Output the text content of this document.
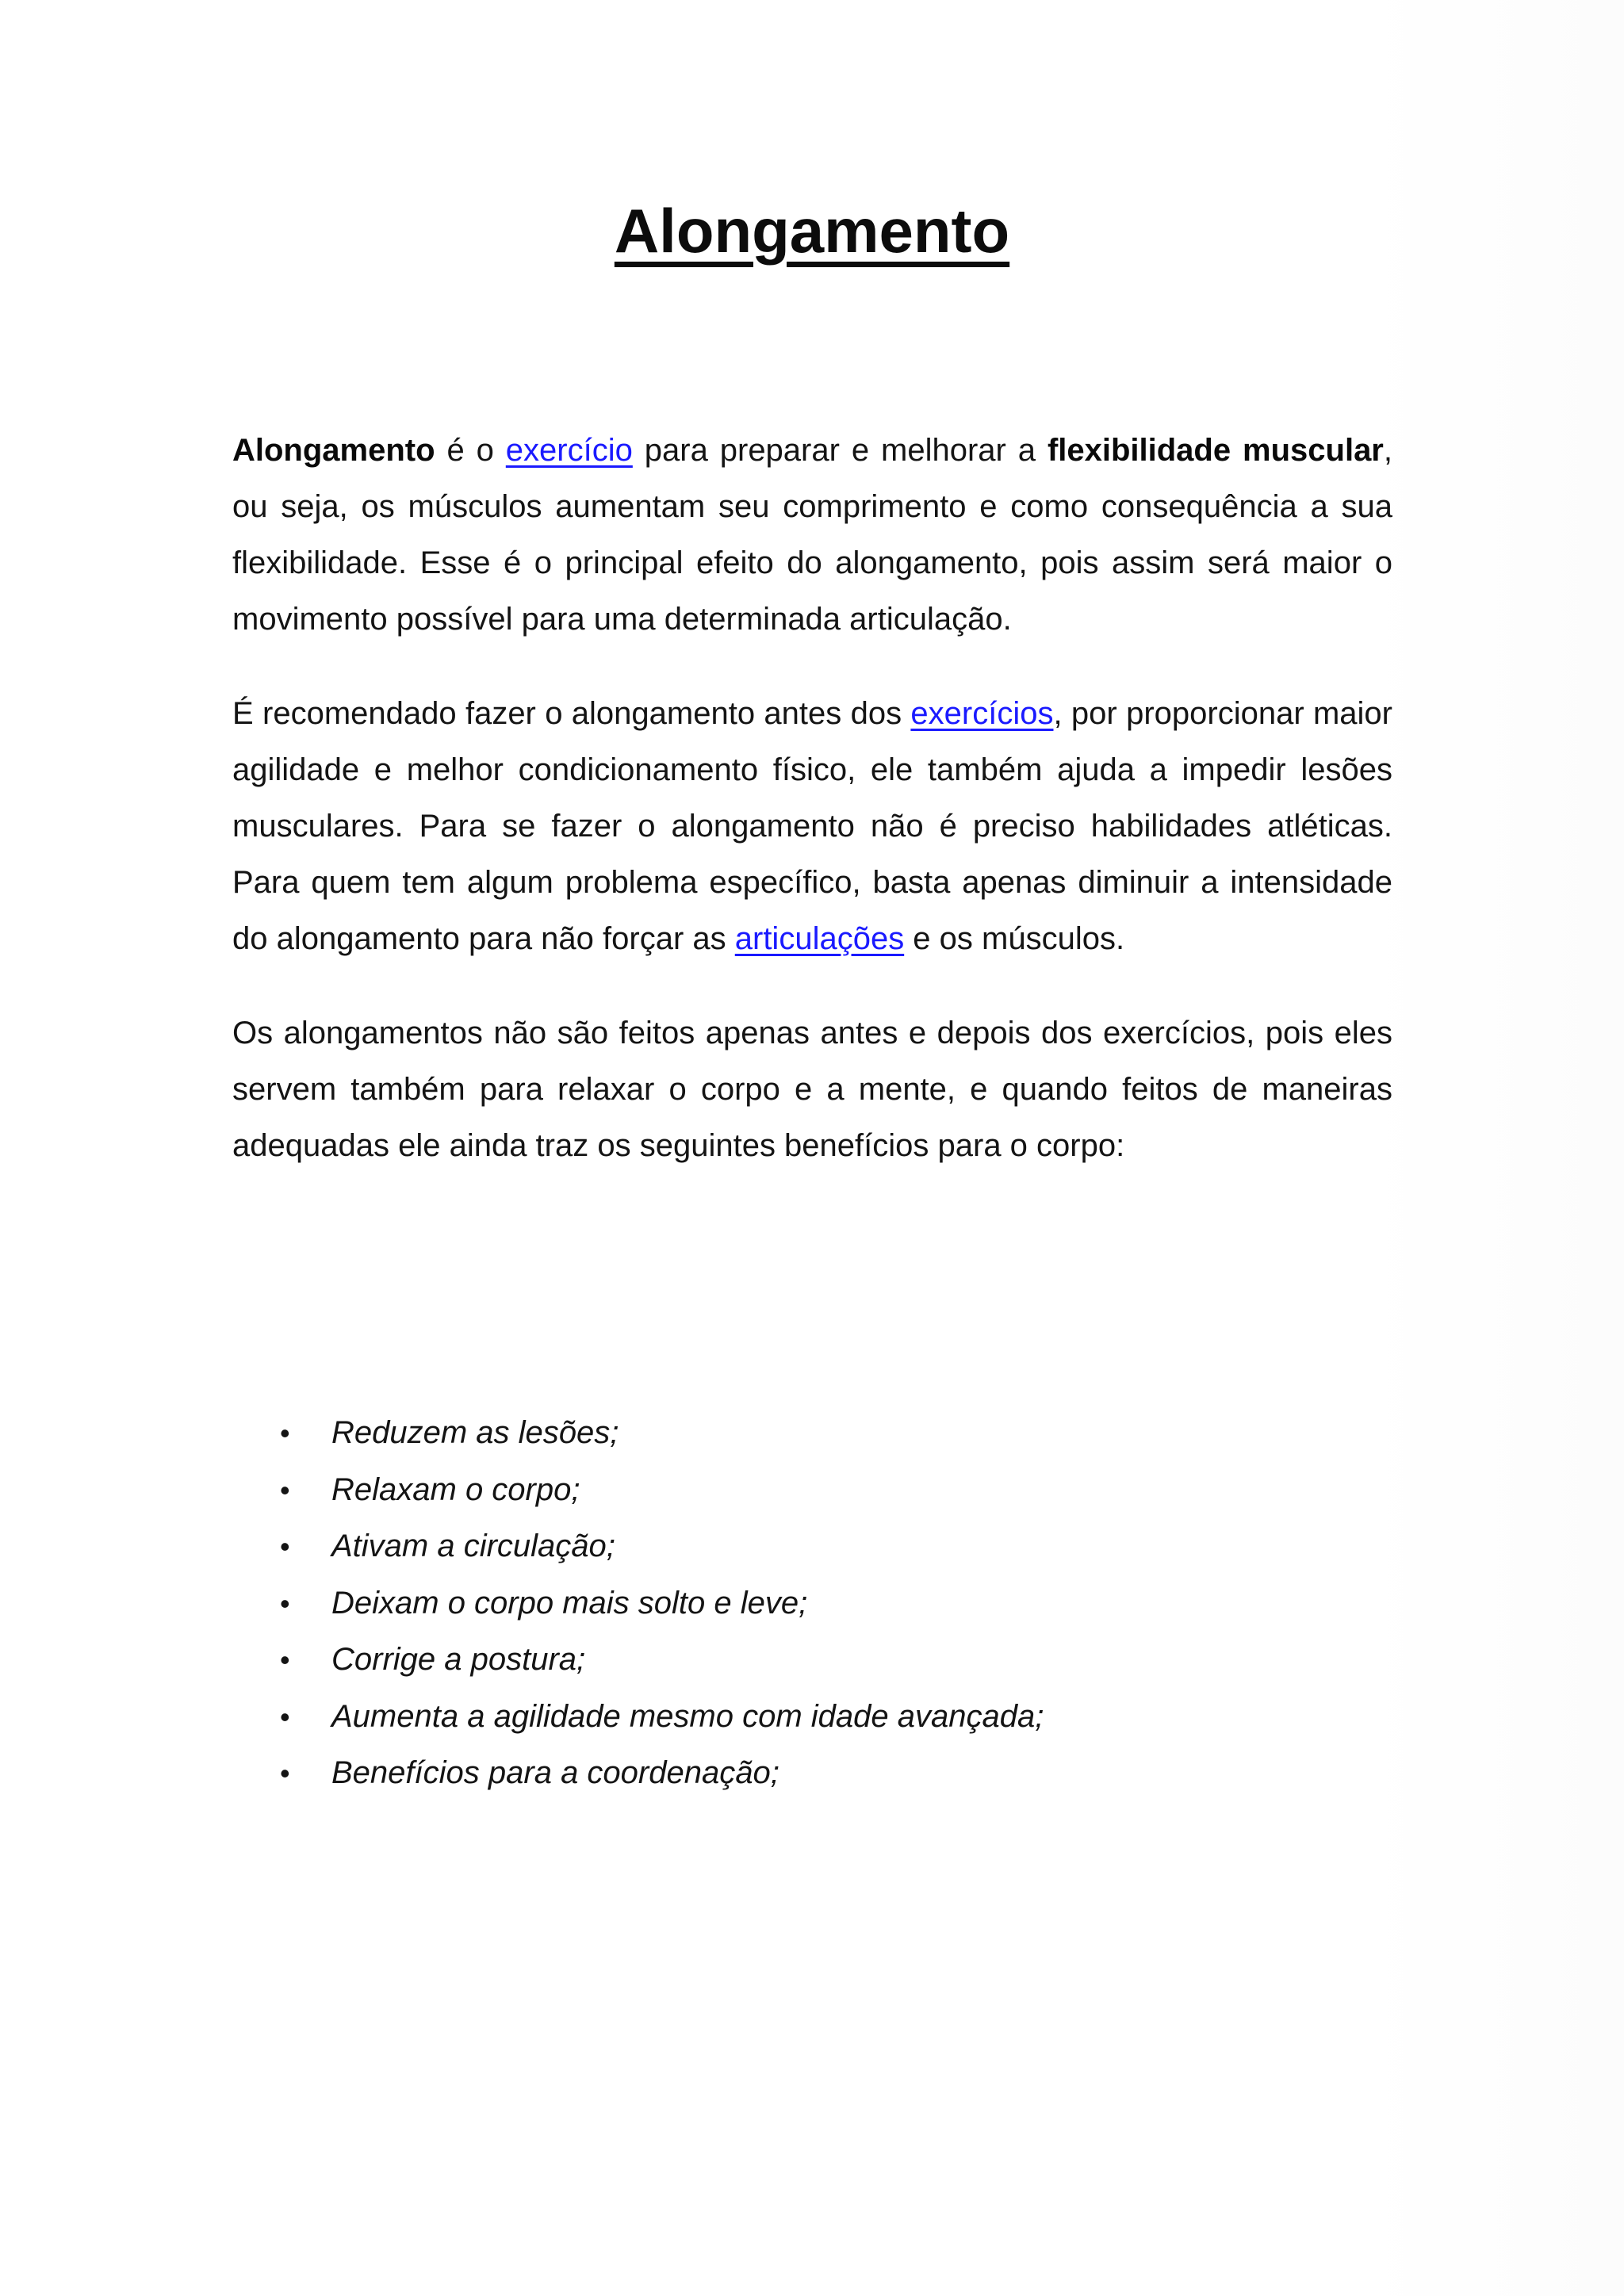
Alongamento

Alongamento é o exercício para preparar e melhorar a flexibilidade muscular, ou seja, os músculos aumentam seu comprimento e como consequência a sua flexibilidade. Esse é o principal efeito do alongamento, pois assim será maior o movimento possível para uma determinada articulação.

É recomendado fazer o alongamento antes dos exercícios, por proporcionar maior agilidade e melhor condicionamento físico, ele também ajuda a impedir lesões musculares. Para se fazer o alongamento não é preciso habilidades atléticas. Para quem tem algum problema específico, basta apenas diminuir a intensidade do alongamento para não forçar as articulações e os músculos.

Os alongamentos não são feitos apenas antes e depois dos exercícios, pois eles servem também para relaxar o corpo e a mente, e quando feitos de maneiras adequadas ele ainda traz os seguintes benefícios para o corpo:

• Reduzem as lesões;
• Relaxam o corpo;
• Ativam a circulação;
• Deixam o corpo mais solto e leve;
• Corrige a postura;
• Aumenta a agilidade mesmo com idade avançada;
• Benefícios para a coordenação;
